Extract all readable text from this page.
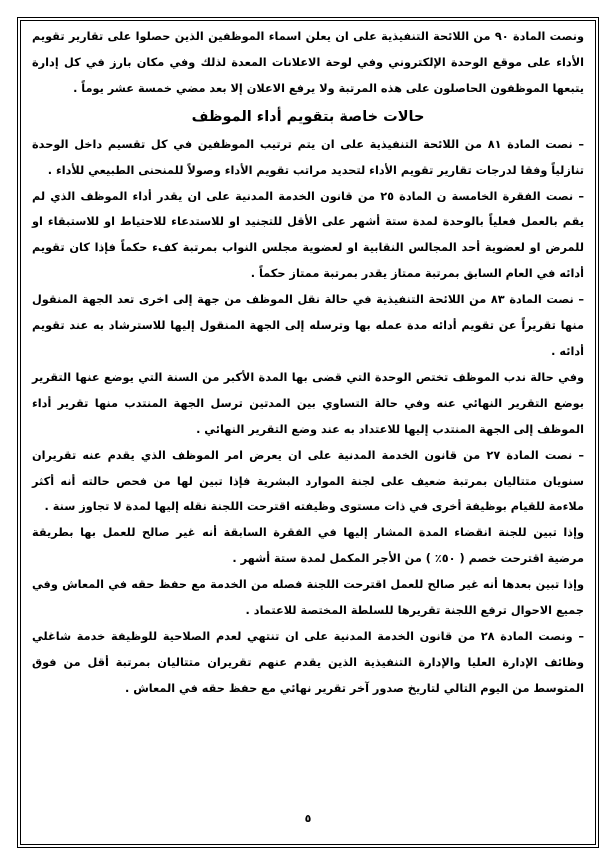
ونصت المادة ٩٠ من اللائحة التنفيذية على ان يعلن اسماء الموظفين الذين حصلوا على تقارير تقويم الأداء على موقع الوحدة الإلكتروني وفي لوحة الاعلانات المعدة لذلك وفي مكان بارز في كل إدارة يتبعها الموظفون الحاصلون على هذه المرتبة ولا يرفع الاعلان إلا بعد مضي خمسة عشر يوماً .

حالات خاصة بتقويم أداء الموظف

– نصت المادة ٨١ من اللائحة التنفيذية على ان يتم ترتيب الموظفين في كل تقسيم داخل الوحدة تنازلياً وفقا لدرجات تقارير تقويم الأداء لتحديد مراتب تقويم الأداء وصولاً للمنحنى الطبيعي للأداء .

– نصت الفقرة الخامسة ن المادة ٢٥ من قانون الخدمة المدنية على ان يقدر أداء الموظف الذي لم يقم بالعمل فعلياً بالوحدة لمدة ستة أشهر على الأقل للتجنيد او للاستدعاء للاحتياط او للاستبقاء او للمرض او لعضوية أحد المجالس النقابية او لعضوية مجلس النواب بمرتبة كفء حكماً فإذا كان تقويم أدائه في العام السابق بمرتبة ممتاز يقدر بمرتبة ممتاز حكماً .

– نصت المادة ٨٣ من اللائحة التنفيذية في حالة نقل الموظف من جهة إلى اخرى تعد الجهة المنقول منها تقريراً عن تقويم أدائه مدة عمله بها وترسله إلى الجهة المنقول إليها للاسترشاد به عند تقويم أدائه .

وفي حالة ندب الموظف تختص الوحدة التي قضى بها المدة الأكبر من السنة التي يوضع عنها التقرير بوضع التقرير النهائي عنه وفي حالة التساوي بين المدتين ترسل الجهة المنتدب منها تقرير أداء الموظف إلى الجهة المنتدب إليها للاعتداد به عند وضع التقرير النهائي .

– نصت المادة ٢٧ من قانون الخدمة المدنية على ان يعرض امر الموظف الذي يقدم عنه تقريران سنويان متتاليان بمرتبة ضعيف على لجنة الموارد البشرية فإذا تبين لها من فحص حالته أنه أكثر ملاءمة للقيام بوظيفة أخرى في ذات مستوى وظيفته اقترحت اللجنة نقله إليها لمدة لا تجاوز سنة .

وإذا تبين للجنة انقضاء المدة المشار إليها في الفقرة السابقة أنه غير صالح للعمل بها بطريقة مرضية اقترحت خصم ( ٥٠٪ ) من الأجر المكمل لمدة ستة أشهر .

وإذا تبين بعدها أنه غير صالح للعمل اقترحت اللجنة فصله من الخدمة مع حفظ حقه في المعاش وفي جميع الاحوال ترفع اللجنة تقريرها للسلطة المختصة للاعتماد .

– ونصت المادة ٢٨ من قانون الخدمة المدنية على ان تنتهي لعدم الصلاحية للوظيفة خدمة شاغلي وظائف الإدارة العليا والإدارة التنفيذية الذين يقدم عنهم تقريران متتاليان بمرتبة أقل من فوق المتوسط من اليوم التالي لتاريخ صدور آخر تقرير نهائي مع حفظ حقه في المعاش .

٥
